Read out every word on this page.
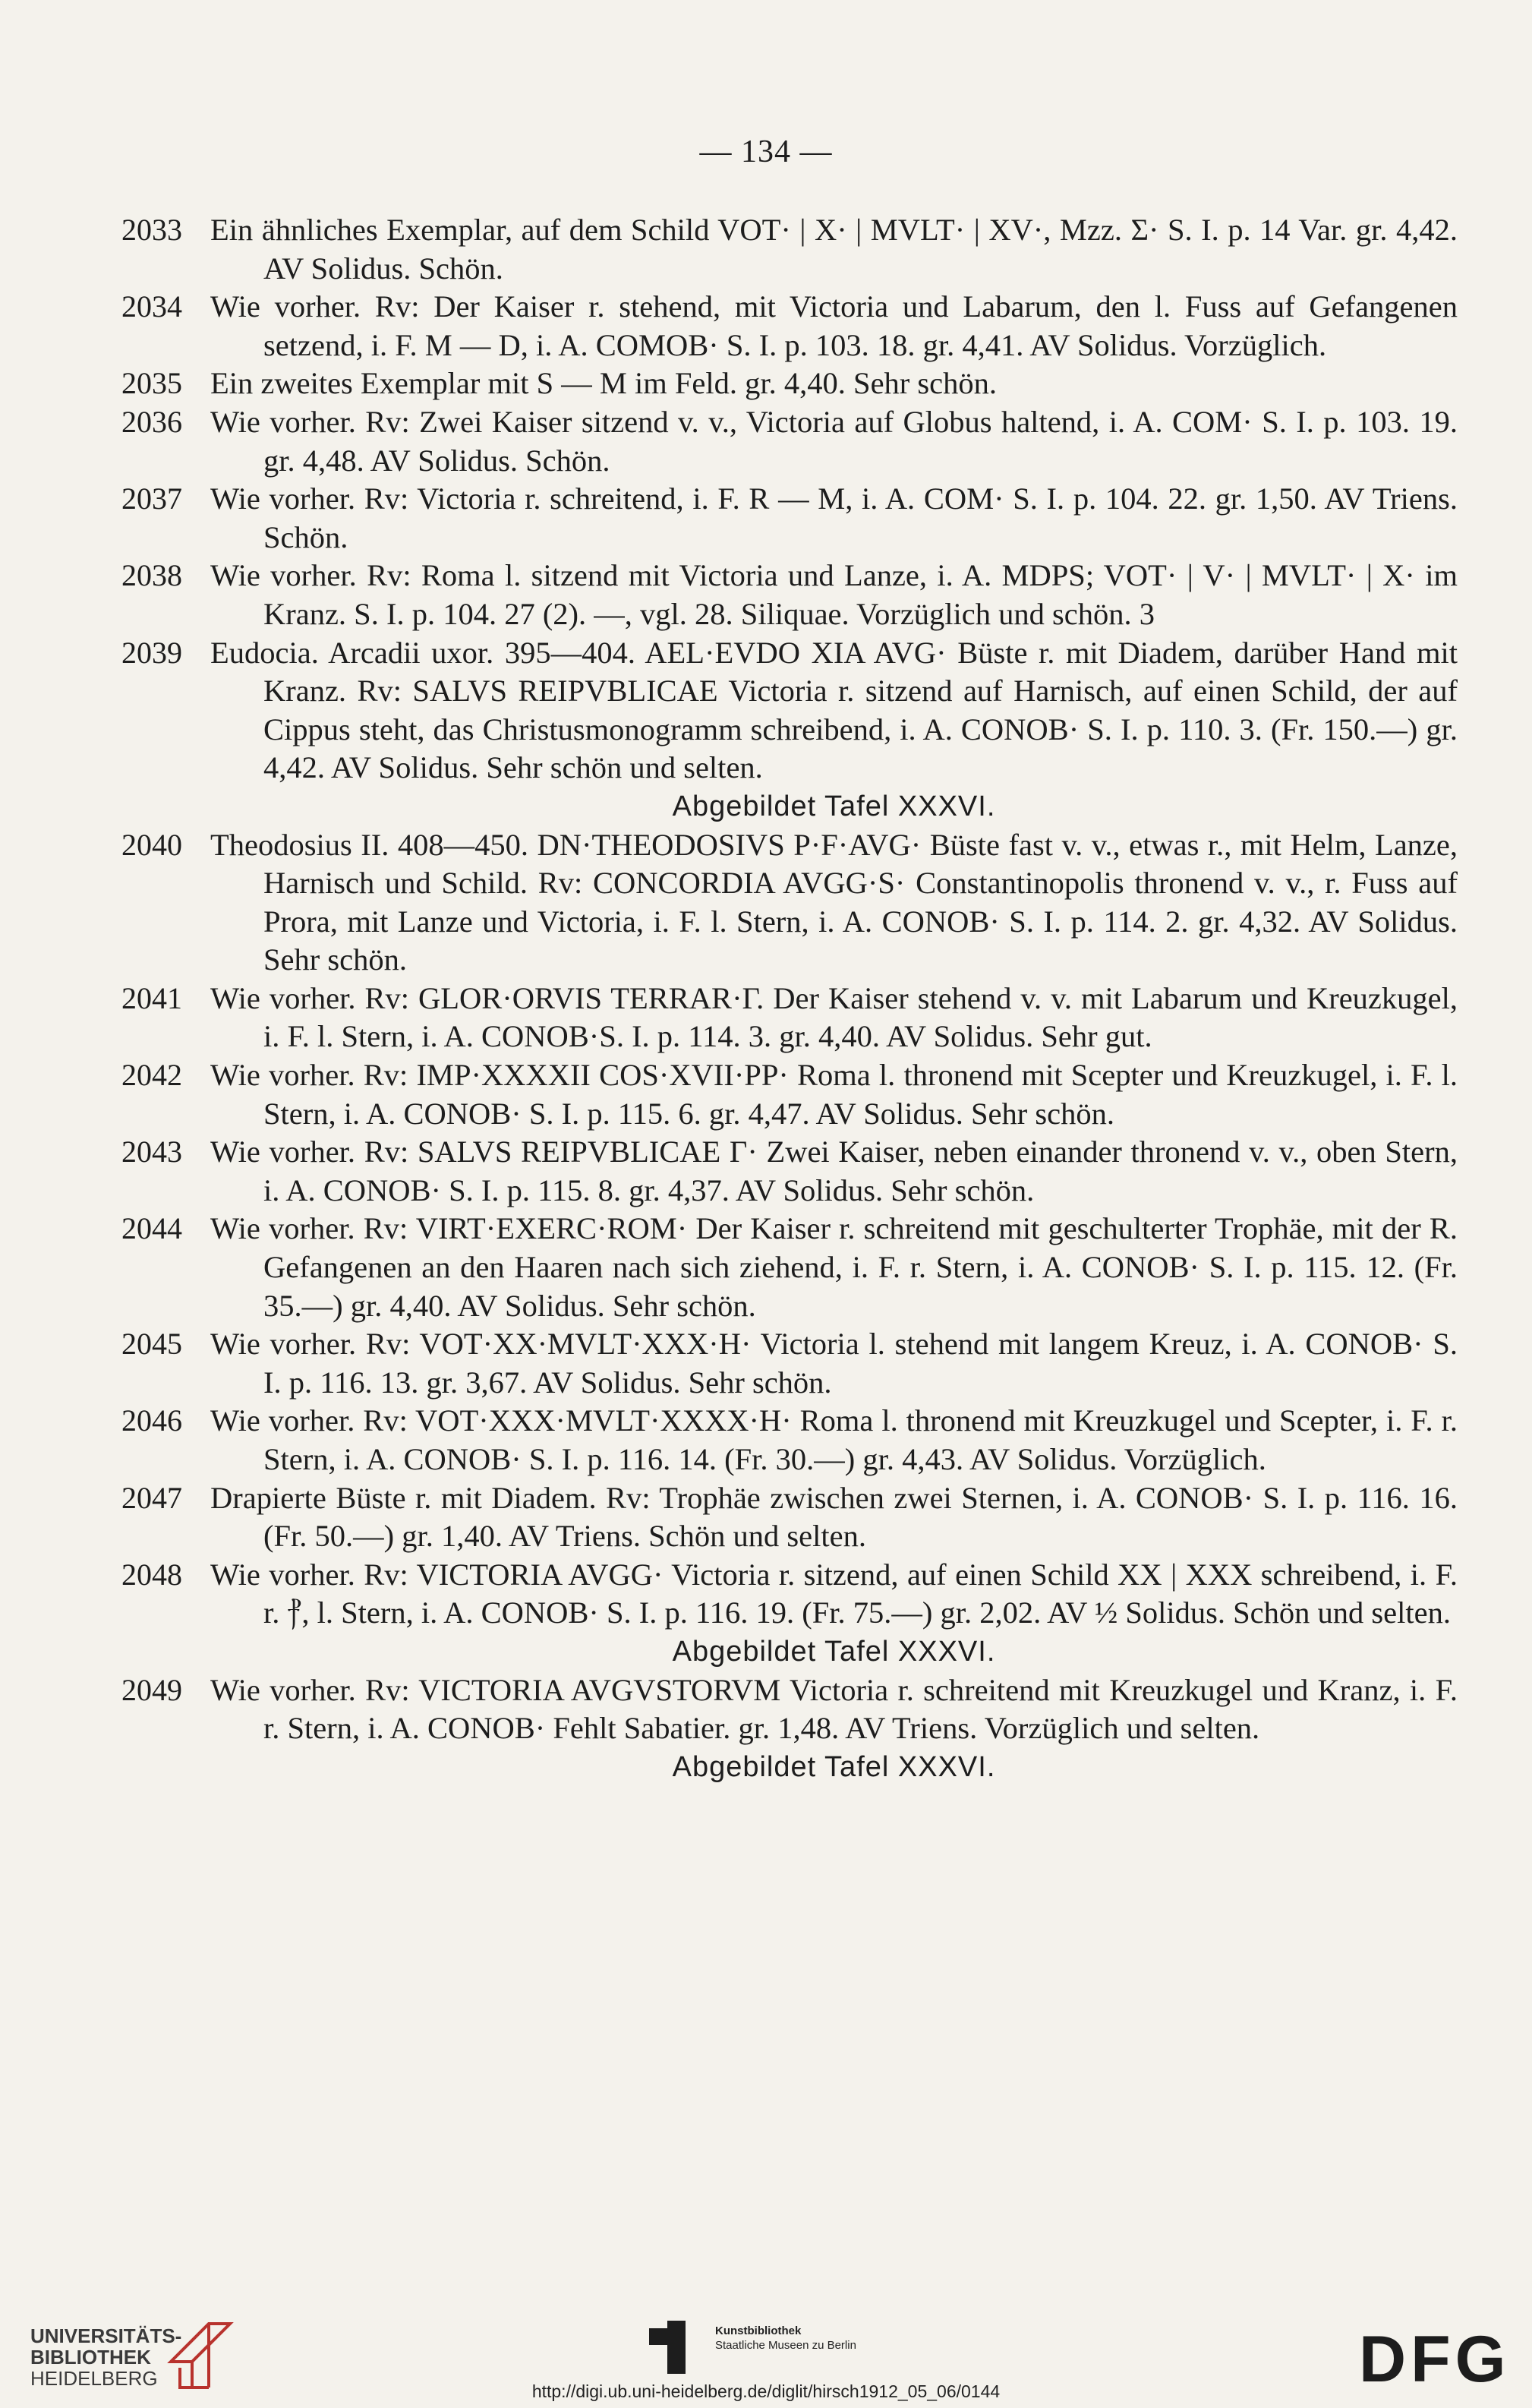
— 134 —
2033 Ein ähnliches Exemplar, auf dem Schild VOT· | X· | MVLT· | XV·, Mzz. Σ· S. I. p. 14 Var. gr. 4,42. AV Solidus. Schön.
2034 Wie vorher. Rv: Der Kaiser r. stehend, mit Victoria und Labarum, den l. Fuss auf Gefangenen setzend, i. F. M — D, i. A. COMOB· S. I. p. 103. 18. gr. 4,41. AV Solidus. Vorzüglich.
2035 Ein zweites Exemplar mit S — M im Feld. gr. 4,40. Sehr schön.
2036 Wie vorher. Rv: Zwei Kaiser sitzend v. v., Victoria auf Globus haltend, i. A. COM· S. I. p. 103. 19. gr. 4,48. AV Solidus. Schön.
2037 Wie vorher. Rv: Victoria r. schreitend, i. F. R — M, i. A. COM· S. I. p. 104. 22. gr. 1,50. AV Triens. Schön.
2038 Wie vorher. Rv: Roma l. sitzend mit Victoria und Lanze, i. A. MDPS; VOT· | V· | MVLT· | X· im Kranz. S. I. p. 104. 27 (2). —, vgl. 28. Siliquae. Vorzüglich und schön. 3
2039 Eudocia. Arcadii uxor. 395—404. AEL·EVDO XIA AVG· Büste r. mit Diadem, darüber Hand mit Kranz. Rv: SALVS REIPVBLICAE Victoria r. sitzend auf Harnisch, auf einen Schild, der auf Cippus steht, das Christusmonogramm schreibend, i. A. CONOB· S. I. p. 110. 3. (Fr. 150.—) gr. 4,42. AV Solidus. Sehr schön und selten.
Abgebildet Tafel XXXVI.
2040 Theodosius II. 408—450. DN·THEODOSIVS P·F·AVG· Büste fast v. v., etwas r., mit Helm, Lanze, Harnisch und Schild. Rv: CONCORDIA AVGG·S· Constantinopolis thronend v. v., r. Fuss auf Prora, mit Lanze und Victoria, i. F. l. Stern, i. A. CONOB· S. I. p. 114. 2. gr. 4,32. AV Solidus. Sehr schön.
2041 Wie vorher. Rv: GLOR·ORVIS TERRAR·Γ. Der Kaiser stehend v. v. mit Labarum und Kreuzkugel, i. F. l. Stern, i. A. CONOB·S. I. p. 114. 3. gr. 4,40. AV Solidus. Sehr gut.
2042 Wie vorher. Rv: IMP·XXXXII COS·XVII·PP· Roma l. thronend mit Scepter und Kreuzkugel, i. F. l. Stern, i. A. CONOB· S. I. p. 115. 6. gr. 4,47. AV Solidus. Sehr schön.
2043 Wie vorher. Rv: SALVS REIPVBLICAE Γ· Zwei Kaiser, neben einander thronend v. v., oben Stern, i. A. CONOB· S. I. p. 115. 8. gr. 4,37. AV Solidus. Sehr schön.
2044 Wie vorher. Rv: VIRT·EXERC·ROM· Der Kaiser r. schreitend mit geschulterter Trophäe, mit der R. Gefangenen an den Haaren nach sich ziehend, i. F. r. Stern, i. A. CONOB· S. I. p. 115. 12. (Fr. 35.—) gr. 4,40. AV Solidus. Sehr schön.
2045 Wie vorher. Rv: VOT·XX·MVLT·XXX·H· Victoria l. stehend mit langem Kreuz, i. A. CONOB· S. I. p. 116. 13. gr. 3,67. AV Solidus. Sehr schön.
2046 Wie vorher. Rv: VOT·XXX·MVLT·XXXX·H· Roma l. thronend mit Kreuzkugel und Scepter, i. F. r. Stern, i. A. CONOB· S. I. p. 116. 14. (Fr. 30.—) gr. 4,43. AV Solidus. Vorzüglich.
2047 Drapierte Büste r. mit Diadem. Rv: Trophäe zwischen zwei Sternen, i. A. CONOB· S. I. p. 116. 16. (Fr. 50.—) gr. 1,40. AV Triens. Schön und selten.
2048 Wie vorher. Rv: VICTORIA AVGG· Victoria r. sitzend, auf einen Schild XX | XXX schreibend, i. F. r. ⳨, l. Stern, i. A. CONOB· S. I. p. 116. 19. (Fr. 75.—) gr. 2,02. AV ½ Solidus. Schön und selten.
Abgebildet Tafel XXXVI.
2049 Wie vorher. Rv: VICTORIA AVGVSTORVM Victoria r. schreitend mit Kreuzkugel und Kranz, i. F. r. Stern, i. A. CONOB· Fehlt Sabatier. gr. 1,48. AV Triens. Vorzüglich und selten.
Abgebildet Tafel XXXVI.
UNIVERSITÄTS-
BIBLIOTHEK
HEIDELBERG
Kunstbibliothek
Staatliche Museen zu Berlin	DFG
http://digi.ub.uni-heidelberg.de/diglit/hirsch1912_05_06/0144
